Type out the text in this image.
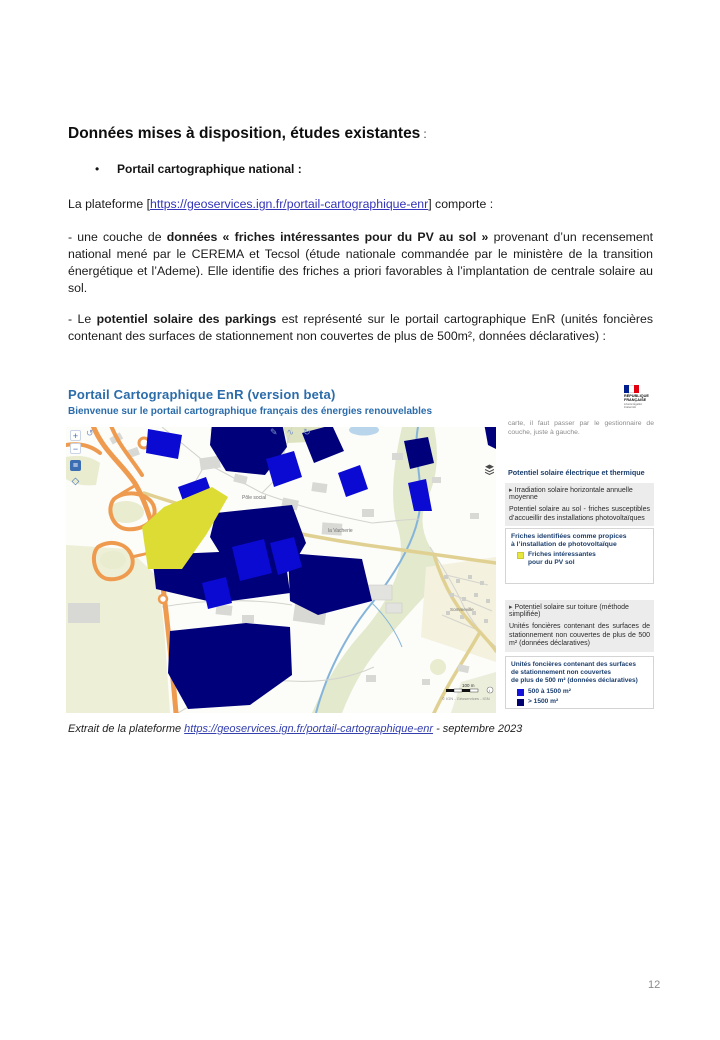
Données mises à disposition, études existantes :
• Portail cartographique national :
La plateforme [https://geoservices.ign.fr/portail-cartographique-enr] comporte :
- une couche de données « friches intéressantes pour du PV au sol » provenant d’un recensement national mené par le CEREMA et Tecsol (étude nationale commandée par le ministère de la transition énergétique et l’Ademe). Elle identifie des friches a priori favorables à l’implantation de centrale solaire au sol.
- Le potentiel solaire des parkings est représenté sur le portail cartographique EnR (unités foncières contenant des surfaces de stationnement non couvertes de plus de 500m², données déclaratives) :
Portail Cartographique EnR (version beta)
Bienvenue sur le portail cartographique français des énergies renouvelables
Pôle social
la Vacherie
Sommeville
100 m
i
© IGN - Géoservices - IGN
+
−
≣
◇
↺	✎ ∿ ↻
RÉPUBLIQUE
FRANÇAISE
Liberté Égalité Fraternité
carte, il faut passer par le gestionnaire de couche, juste à gauche.
Potentiel solaire électrique et thermique
▸ Irradiation solaire horizontale annuelle moyenne
Potentiel solaire au sol - friches susceptibles d’accueillir des installations photovoltaïques
Friches identifiées comme propices
à l’installation de photovoltaïque
Friches intéressantes
pour du PV sol
▸ Potentiel solaire sur toiture (méthode simplifiée)
Unités foncières contenant des surfaces de stationnement non couvertes de plus de 500 m² (données déclaratives)
Unités foncières contenant des surfaces
de stationnement non couvertes
de plus de 500 m² (données déclaratives)
500 à 1500 m²
> 1500 m²
Extrait de la plateforme https://geoservices.ign.fr/portail-cartographique-enr - septembre 2023
12
